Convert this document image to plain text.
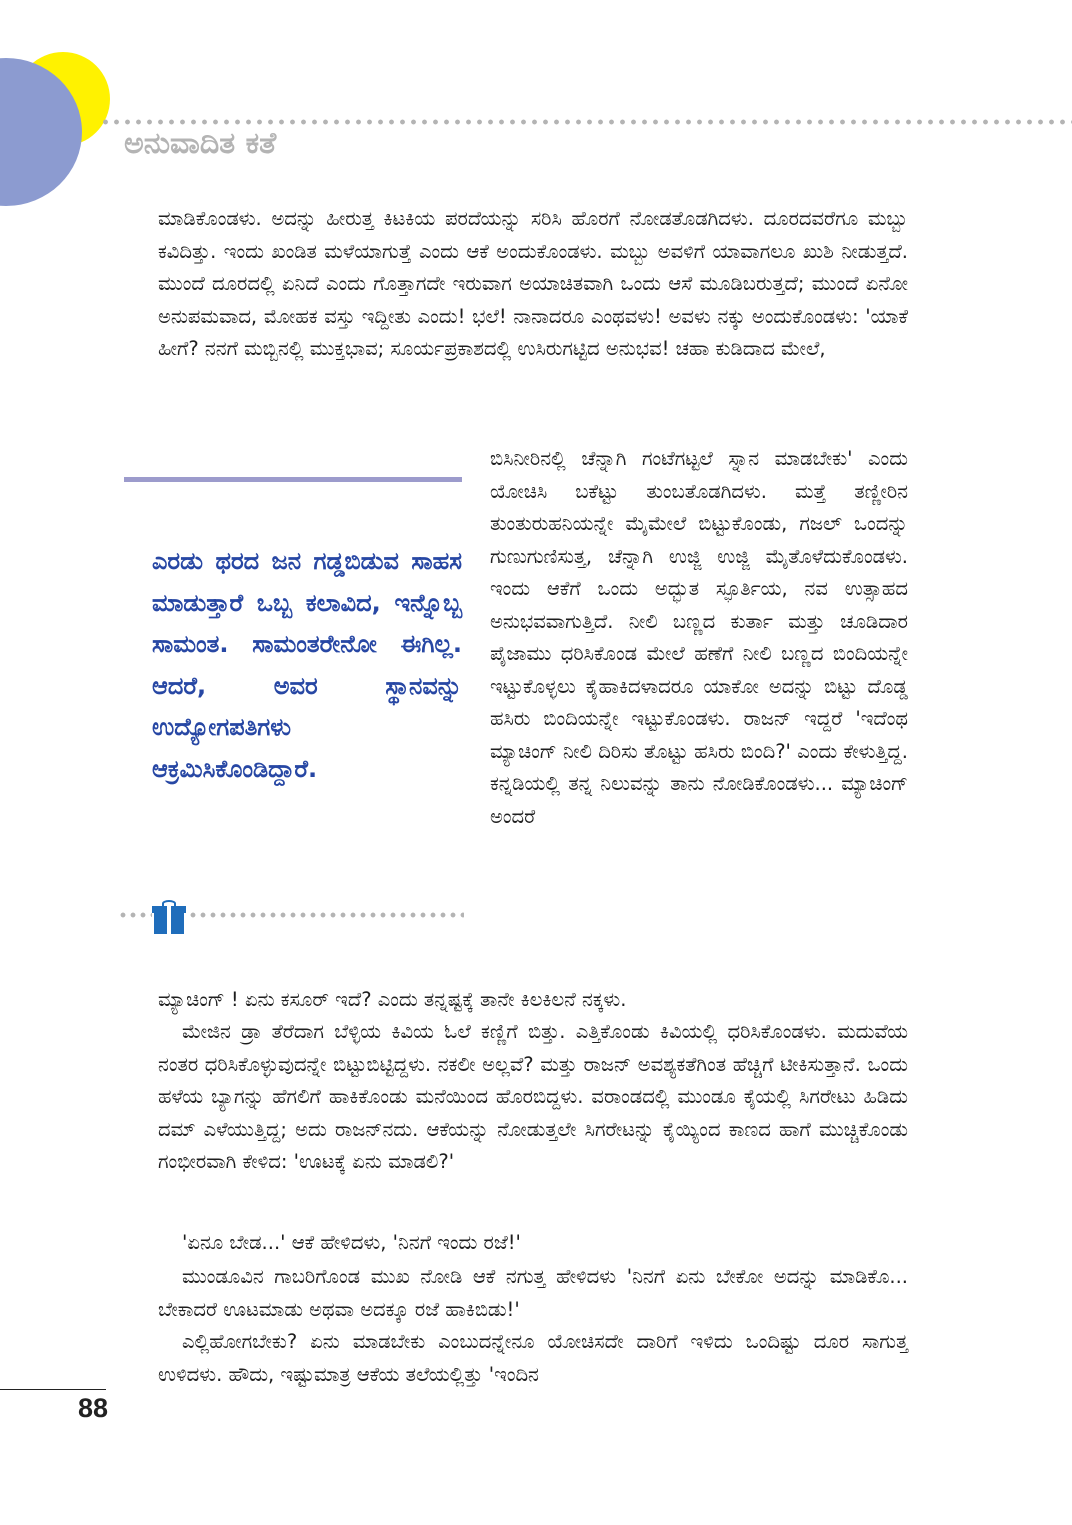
ಅನುವಾದಿತ ಕತೆ

ಮಾಡಿಕೊಂಡಳು. ಅದನ್ನು ಹೀರುತ್ತ ಕಿಟಕಿಯ ಪರದೆಯನ್ನು ಸರಿಸಿ ಹೊರಗೆ ನೋಡತೊಡಗಿದಳು. ದೂರದವರೆಗೂ ಮಬ್ಬು ಕವಿದಿತ್ತು. ಇಂದು ಖಂಡಿತ ಮಳೆಯಾಗುತ್ತೆ ಎಂದು ಆಕೆ ಅಂದುಕೊಂಡಳು. ಮಬ್ಬು ಅವಳಿಗೆ ಯಾವಾಗಲೂ ಖುಶಿ ನೀಡುತ್ತದೆ. ಮುಂದೆ ದೂರದಲ್ಲಿ ಏನಿದೆ ಎಂದು ಗೊತ್ತಾಗದೇ ಇರುವಾಗ ಅಯಾಚಿತವಾಗಿ ಒಂದು ಆಸೆ ಮೂಡಿಬರುತ್ತದೆ; ಮುಂದೆ ಏನೋ ಅನುಪಮವಾದ, ಮೋಹಕ ವಸ್ತು ಇದ್ದೀತು ಎಂದು! ಭಲೆ! ನಾನಾದರೂ ಎಂಥವಳು! ಅವಳು ನಕ್ಕು ಅಂದುಕೊಂಡಳು: 'ಯಾಕೆ ಹೀಗೆ? ನನಗೆ ಮಬ್ಬಿನಲ್ಲಿ ಮುಕ್ತಭಾವ; ಸೂರ್ಯಪ್ರಕಾಶದಲ್ಲಿ ಉಸಿರುಗಟ್ಟಿದ ಅನುಭವ! ಚಹಾ ಕುಡಿದಾದ ಮೇಲೆ,

ಎರಡು ಥರದ ಜನ ಗಡ್ಡಬಿಡುವ ಸಾಹಸ ಮಾಡುತ್ತಾರೆ ಒಬ್ಬ ಕಲಾವಿದ, ಇನ್ನೊಬ್ಬ ಸಾಮಂತ. ಸಾಮಂತರೇನೋ ಈಗಿಲ್ಲ. ಆದರೆ, ಅವರ ಸ್ಥಾನವನ್ನು ಉದ್ಯೋಗಪತಿಗಳು ಆಕ್ರಮಿಸಿಕೊಂಡಿದ್ದಾರೆ.

ಬಿಸಿನೀರಿನಲ್ಲಿ ಚೆನ್ನಾಗಿ ಗಂಟೆಗಟ್ಟಲೆ ಸ್ನಾನ ಮಾಡಬೇಕು' ಎಂದು ಯೋಚಿಸಿ ಬಕೆಟ್ಟು ತುಂಬತೊಡಗಿದಳು. ಮತ್ತೆ ತಣ್ಣೀರಿನ ತುಂತುರುಹನಿಯನ್ನೇ ಮೈಮೇಲೆ ಬಿಟ್ಟುಕೊಂಡು, ಗಜಲ್ ಒಂದನ್ನು ಗುಣುಗುಣಿಸುತ್ತ, ಚೆನ್ನಾಗಿ ಉಜ್ಜಿ ಉಜ್ಜಿ ಮೈತೊಳೆದುಕೊಂಡಳು. ಇಂದು ಆಕೆಗೆ ಒಂದು ಅದ್ಭುತ ಸ್ಫೂರ್ತಿಯ, ನವ ಉತ್ಸಾಹದ ಅನುಭವವಾಗುತ್ತಿದೆ. ನೀಲಿ ಬಣ್ಣದ ಕುರ್ತಾ ಮತ್ತು ಚೂಡಿದಾರ ಪೈಜಾಮು ಧರಿಸಿಕೊಂಡ ಮೇಲೆ ಹಣೆಗೆ ನೀಲಿ ಬಣ್ಣದ ಬಿಂದಿಯನ್ನೇ ಇಟ್ಟುಕೊಳ್ಳಲು ಕೈಹಾಕಿದಳಾದರೂ ಯಾಕೋ ಅದನ್ನು ಬಿಟ್ಟು ದೊಡ್ಡ ಹಸಿರು ಬಿಂದಿಯನ್ನೇ ಇಟ್ಟುಕೊಂಡಳು. ರಾಜನ್ ಇದ್ದರೆ 'ಇದೆಂಥ ಮ್ಯಾಚಿಂಗ್ ನೀಲಿ ದಿರಿಸು ತೊಟ್ಟು ಹಸಿರು ಬಿಂದಿ?' ಎಂದು ಕೇಳುತ್ತಿದ್ದ. ಕನ್ನಡಿಯಲ್ಲಿ ತನ್ನ ನಿಲುವನ್ನು ತಾನು ನೋಡಿಕೊಂಡಳು... ಮ್ಯಾಚಿಂಗ್ ಅಂದರೆ

ಮ್ಯಾಚಿಂಗ್ ! ಏನು ಕಸೂರ್ ಇದೆ? ಎಂದು ತನ್ನಷ್ಟಕ್ಕೆ ತಾನೇ ಕಿಲಕಿಲನೆ ನಕ್ಕಳು.

ಮೇಜಿನ ಡ್ರಾ ತೆರೆದಾಗ ಬೆಳ್ಳಿಯ ಕಿವಿಯ ಓಲೆ ಕಣ್ಣಿಗೆ ಬಿತ್ತು. ಎತ್ತಿಕೊಂಡು ಕಿವಿಯಲ್ಲಿ ಧರಿಸಿಕೊಂಡಳು. ಮದುವೆಯ ನಂತರ ಧರಿಸಿಕೊಳ್ಳುವುದನ್ನೇ ಬಿಟ್ಟುಬಿಟ್ಟಿದ್ದಳು. ನಕಲೀ ಅಲ್ಲವೆ? ಮತ್ತು ರಾಜನ್ ಅವಶ್ಯಕತೆಗಿಂತ ಹೆಚ್ಚಿಗೆ ಟೀಕಿಸುತ್ತಾನೆ. ಒಂದು ಹಳೆಯ ಬ್ಯಾಗನ್ನು ಹೆಗಲಿಗೆ ಹಾಕಿಕೊಂಡು ಮನೆಯಿಂದ ಹೊರಬಿದ್ದಳು. ವರಾಂಡದಲ್ಲಿ ಮುಂಡೂ ಕೈಯಲ್ಲಿ ಸಿಗರೇಟು ಹಿಡಿದು ದಮ್ ಎಳೆಯುತ್ತಿದ್ದ; ಅದು ರಾಜನ್‌ನದು. ಆಕೆಯನ್ನು ನೋಡುತ್ತಲೇ ಸಿಗರೇಟನ್ನು ಕೈಯ್ಯಿಂದ ಕಾಣದ ಹಾಗೆ ಮುಚ್ಚಿಕೊಂಡು ಗಂಭೀರವಾಗಿ ಕೇಳಿದ: 'ಊಟಕ್ಕೆ ಏನು ಮಾಡಲಿ?'

'ಏನೂ ಬೇಡ...' ಆಕೆ ಹೇಳಿದಳು, 'ನಿನಗೆ ಇಂದು ರಜೆ!'

ಮುಂಡೂವಿನ ಗಾಬರಿಗೊಂಡ ಮುಖ ನೋಡಿ ಆಕೆ ನಗುತ್ತ ಹೇಳಿದಳು 'ನಿನಗೆ ಏನು ಬೇಕೋ ಅದನ್ನು ಮಾಡಿಕೊ... ಬೇಕಾದರೆ ಊಟಮಾಡು ಅಥವಾ ಅದಕ್ಕೂ ರಜೆ ಹಾಕಿಬಿಡು!'

ಎಲ್ಲಿಹೋಗಬೇಕು? ಏನು ಮಾಡಬೇಕು ಎಂಬುದನ್ನೇನೂ ಯೋಚಿಸದೇ ದಾರಿಗೆ ಇಳಿದು ಒಂದಿಷ್ಟು ದೂರ ಸಾಗುತ್ತ ಉಳಿದಳು. ಹೌದು, ಇಷ್ಟುಮಾತ್ರ ಆಕೆಯ ತಲೆಯಲ್ಲಿತ್ತು 'ಇಂದಿನ

88
